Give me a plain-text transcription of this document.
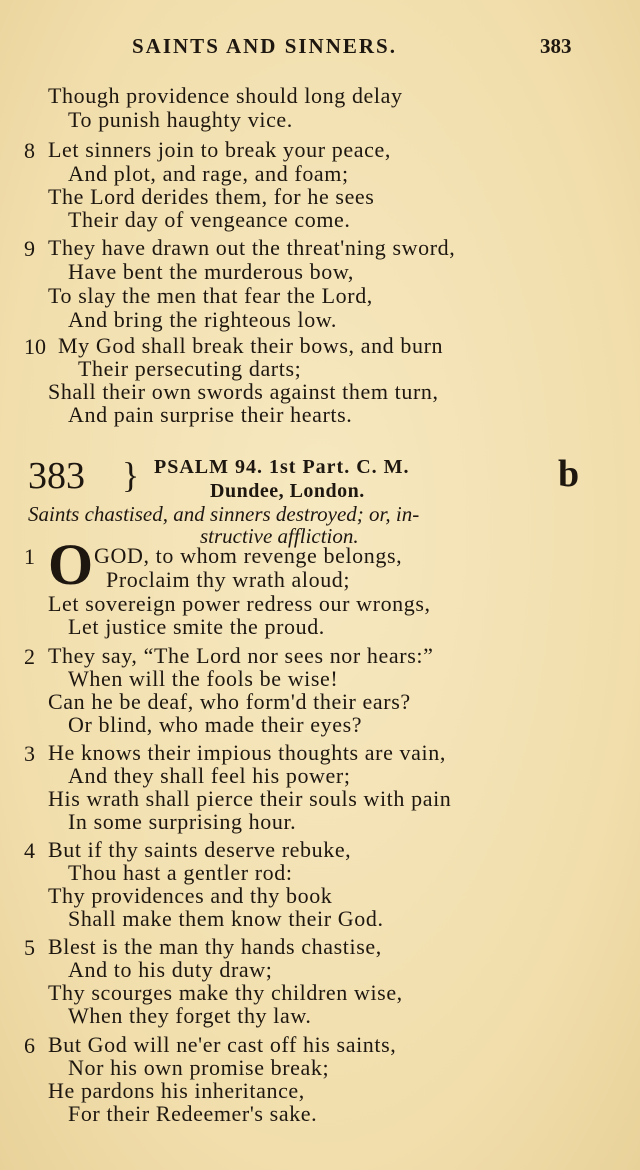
SAINTS AND SINNERS.	383
Though providence should long delay
To punish haughty vice.
8 Let sinners join to break your peace,
And plot, and rage, and foam;
The Lord derides them, for he sees
Their day of vengeance come.
9 They have drawn out the threat'ning sword,
Have bent the murderous bow,
To slay the men that fear the Lord,
And bring the righteous low.
10 My God shall break their bows, and burn
Their persecuting darts;
Shall their own swords against them turn,
And pain surprise their hearts.
383 } PSALM 94. 1st Part. C. M.
Dundee, London.	b
Saints chastised, and sinners destroyed; or, in-
structive affliction.
1 O GOD, to whom revenge belongs,
Proclaim thy wrath aloud;
Let sovereign power redress our wrongs,
Let justice smite the proud.
2 They say, “The Lord nor sees nor hears:”
When will the fools be wise!
Can he be deaf, who form'd their ears?
Or blind, who made their eyes?
3 He knows their impious thoughts are vain,
And they shall feel his power;
His wrath shall pierce their souls with pain
In some surprising hour.
4 But if thy saints deserve rebuke,
Thou hast a gentler rod:
Thy providences and thy book
Shall make them know their God.
5 Blest is the man thy hands chastise,
And to his duty draw;
Thy scourges make thy children wise,
When they forget thy law.
6 But God will ne'er cast off his saints,
Nor his own promise break;
He pardons his inheritance,
For their Redeemer's sake.
